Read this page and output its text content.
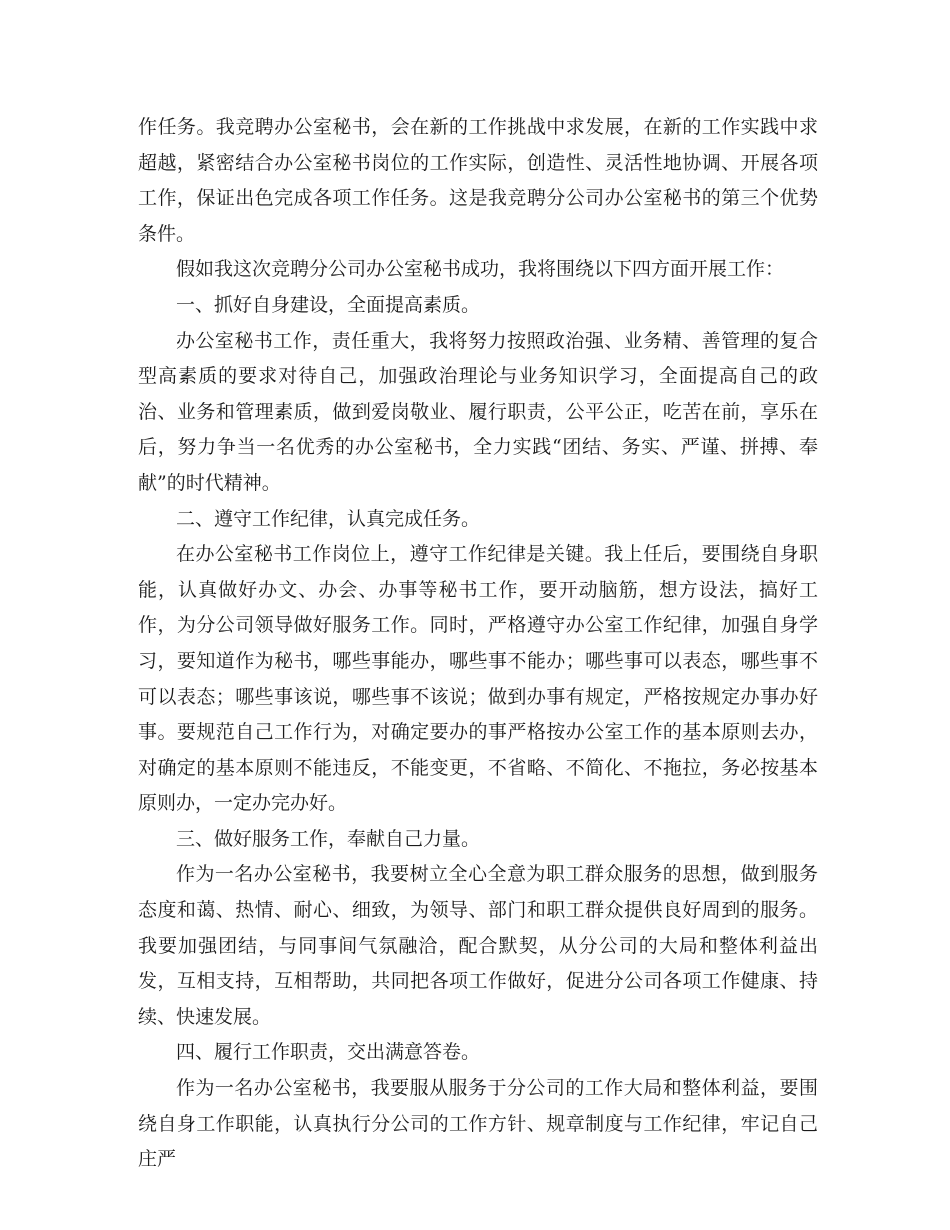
作任务。我竞聘办公室秘书，会在新的工作挑战中求发展，在新的工作实践中求超越，紧密结合办公室秘书岗位的工作实际，创造性、灵活性地协调、开展各项工作，保证出色完成各项工作任务。这是我竞聘分公司办公室秘书的第三个优势条件。

假如我这次竞聘分公司办公室秘书成功，我将围绕以下四方面开展工作：

一、抓好自身建设，全面提高素质。

办公室秘书工作，责任重大，我将努力按照政治强、业务精、善管理的复合型高素质的要求对待自己，加强政治理论与业务知识学习，全面提高自己的政治、业务和管理素质，做到爱岗敬业、履行职责，公平公正，吃苦在前，享乐在后，努力争当一名优秀的办公室秘书，全力实践“团结、务实、严谨、拼搏、奉献”的时代精神。

二、遵守工作纪律，认真完成任务。

在办公室秘书工作岗位上，遵守工作纪律是关键。我上任后，要围绕自身职能，认真做好办文、办会、办事等秘书工作，要开动脑筋，想方设法，搞好工作，为分公司领导做好服务工作。同时，严格遵守办公室工作纪律，加强自身学习，要知道作为秘书，哪些事能办，哪些事不能办；哪些事可以表态，哪些事不可以表态；哪些事该说，哪些事不该说；做到办事有规定，严格按规定办事办好事。要规范自己工作行为，对确定要办的事严格按办公室工作的基本原则去办，对确定的基本原则不能违反，不能变更，不省略、不简化、不拖拉，务必按基本原则办，一定办完办好。

三、做好服务工作，奉献自己力量。

作为一名办公室秘书，我要树立全心全意为职工群众服务的思想，做到服务态度和蔼、热情、耐心、细致，为领导、部门和职工群众提供良好周到的服务。我要加强团结，与同事间气氛融洽，配合默契，从分公司的大局和整体利益出发，互相支持，互相帮助，共同把各项工作做好，促进分公司各项工作健康、持续、快速发展。

四、履行工作职责，交出满意答卷。

作为一名办公室秘书，我要服从服务于分公司的工作大局和整体利益，要围绕自身工作职能，认真执行分公司的工作方针、规章制度与工作纪律，牢记自己庄严
